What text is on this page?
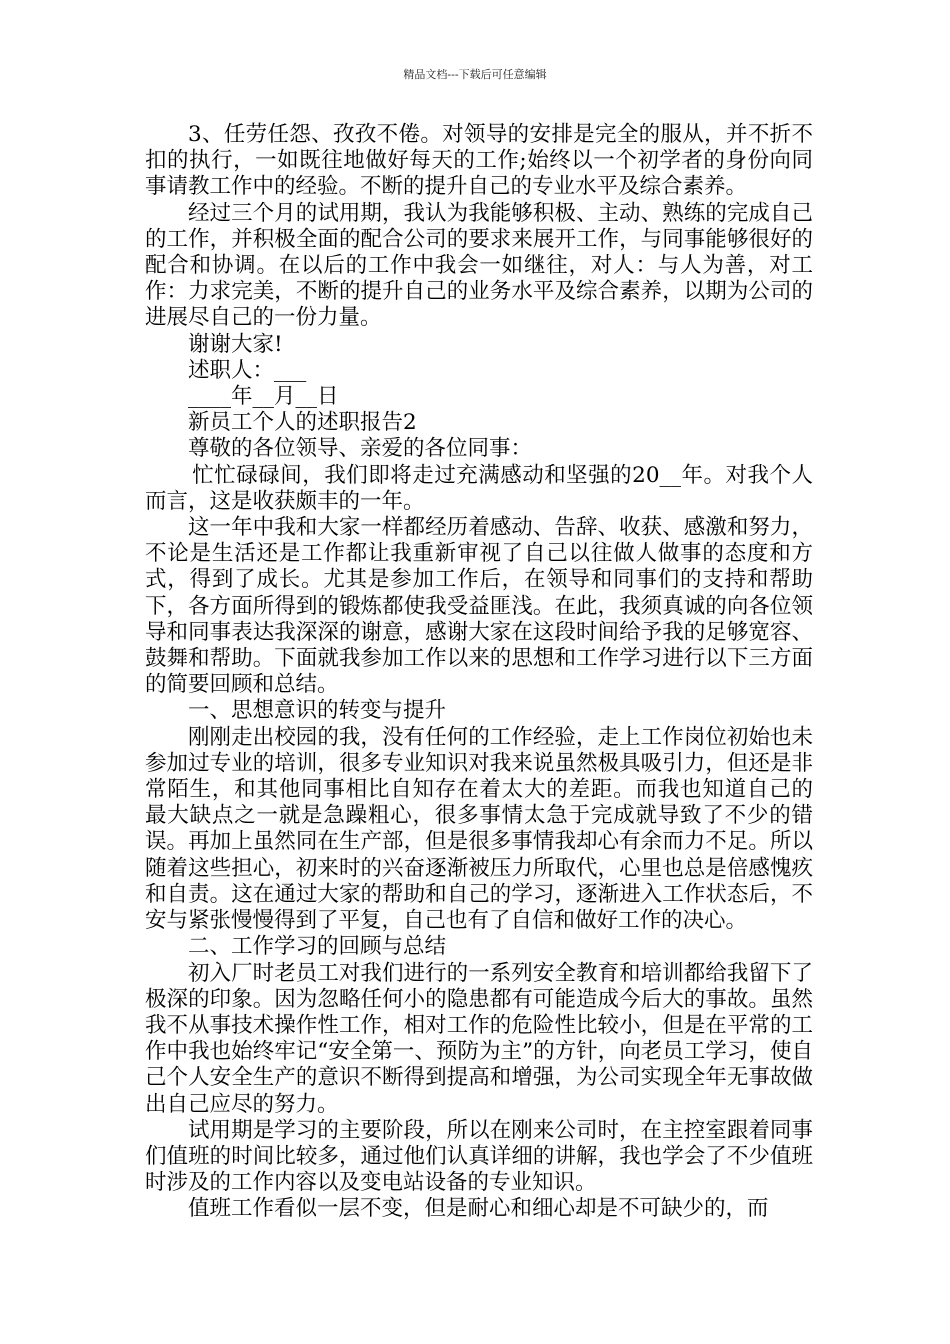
精品文档---下载后可任意编辑

3、任劳任怨、孜孜不倦。对领导的安排是完全的服从，并不折不扣的执行，一如既往地做好每天的工作;始终以一个初学者的身份向同事请教工作中的经验。不断的提升自己的专业水平及综合素养。

经过三个月的试用期，我认为我能够积极、主动、熟练的完成自己的工作，并积极全面的配合公司的要求来展开工作，与同事能够很好的配合和协调。在以后的工作中我会一如继往，对人：与人为善，对工作：力求完美，不断的提升自己的业务水平及综合素养，以期为公司的进展尽自己的一份力量。

谢谢大家!

述职人：___

____年__月__日

新员工个人的述职报告2

尊敬的各位领导、亲爱的各位同事：

忙忙碌碌间，我们即将走过充满感动和坚强的20__年。对我个人而言，这是收获颇丰的一年。

这一年中我和大家一样都经历着感动、告辞、收获、感激和努力，不论是生活还是工作都让我重新审视了自己以往做人做事的态度和方式，得到了成长。尤其是参加工作后，在领导和同事们的支持和帮助下，各方面所得到的锻炼都使我受益匪浅。在此，我须真诚的向各位领导和同事表达我深深的谢意，感谢大家在这段时间给予我的足够宽容、鼓舞和帮助。下面就我参加工作以来的思想和工作学习进行以下三方面的简要回顾和总结。

一、思想意识的转变与提升

刚刚走出校园的我，没有任何的工作经验，走上工作岗位初始也未参加过专业的培训，很多专业知识对我来说虽然极具吸引力，但还是非常陌生，和其他同事相比自知存在着太大的差距。而我也知道自己的 最大缺点之一就是急躁粗心，很多事情太急于完成就导致了不少的错误。再加上虽然同在生产部，但是很多事情我却心有余而力不足。所以随着这些担心，初来时的兴奋逐渐被压力所取代，心里也总是倍感愧疚和自责。这在通过大家的帮助和自己的学习，逐渐进入工作状态后，不安与紧张慢慢得到了平复，自己也有了自信和做好工作的决心。

二、工作学习的回顾与总结

初入厂时老员工对我们进行的一系列安全教育和培训都给我留下了极深的印象。因为忽略任何小的隐患都有可能造成今后大的事故。虽然我不从事技术操作性工作，相对工作的危险性比较小，但是在平常的工作中我也始终牢记“安全第一、预防为主”的方针，向老员工学习，使自己个人安全生产的意识不断得到提高和增强，为公司实现全年无事故做出自己应尽的努力。

试用期是学习的主要阶段，所以在刚来公司时，在主控室跟着同事们值班的时间比较多，通过他们认真详细的讲解，我也学会了不少值班时涉及的工作内容以及变电站设备的专业知识。

值班工作看似一层不变，但是耐心和细心却是不可缺少的，而
